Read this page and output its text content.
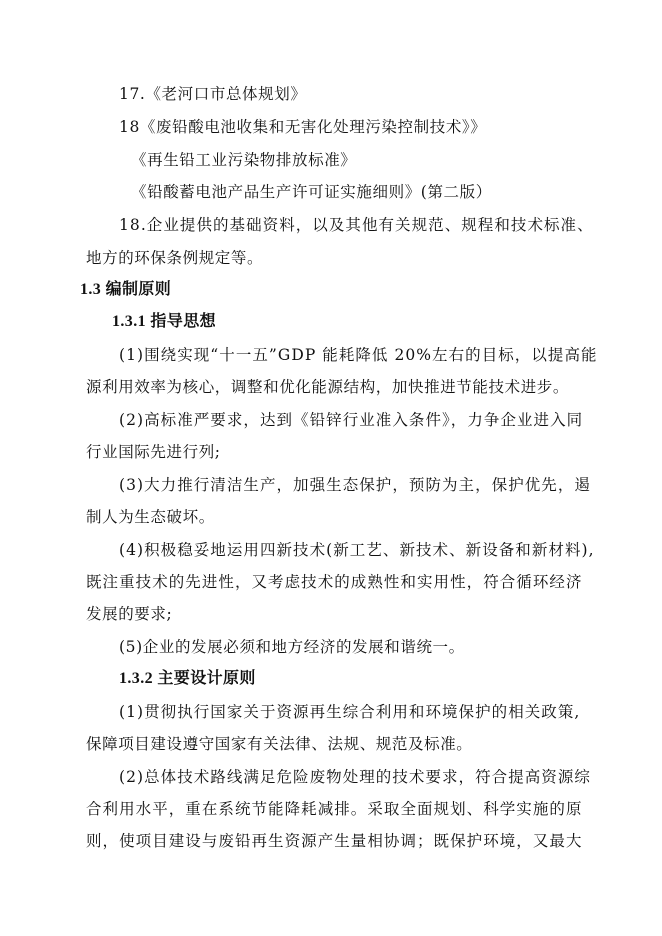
17.《老河口市总体规划》
18《废铅酸电池收集和无害化处理污染控制技术》》
《再生铅工业污染物排放标准》
《铅酸蓄电池产品生产许可证实施细则》(第二版）
18.企业提供的基础资料，以及其他有关规范、规程和技术标准、
地方的环保条例规定等。
1.3 编制原则
1.3.1 指导思想
(1)围绕实现“十一五”GDP 能耗降低 20%左右的目标，以提高能
源利用效率为核心，调整和优化能源结构，加快推进节能技术进步。
(2)高标准严要求，达到《铅锌行业准入条件》，力争企业进入同
行业国际先进行列;
(3)大力推行清洁生产，加强生态保护，预防为主，保护优先，遏
制人为生态破坏。
(4)积极稳妥地运用四新技术(新工艺、新技术、新设备和新材料),
既注重技术的先进性，又考虑技术的成熟性和实用性，符合循环经济
发展的要求;
(5)企业的发展必须和地方经济的发展和谐统一。
1.3.2 主要设计原则
(1)贯彻执行国家关于资源再生综合利用和环境保护的相关政策,
保障项目建设遵守国家有关法律、法规、规范及标准。
(2)总体技术路线满足危险废物处理的技术要求，符合提高资源综
合利用水平，重在系统节能降耗减排。采取全面规划、科学实施的原
则，使项目建设与废铅再生资源产生量相协调；既保护环境，又最大
